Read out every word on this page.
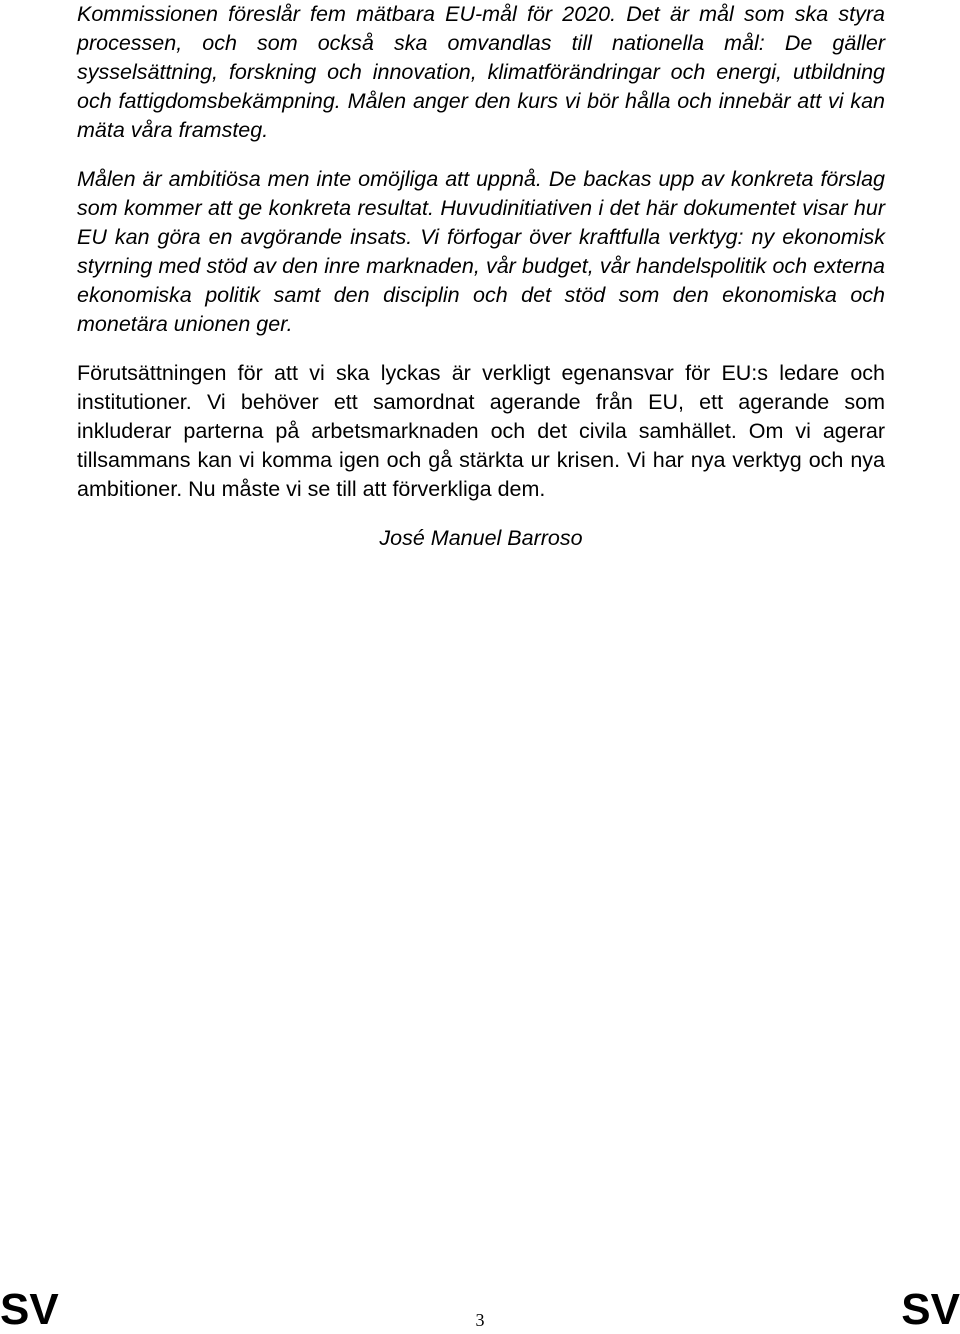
Kommissionen föreslår fem mätbara EU-mål för 2020. Det är mål som ska styra processen, och som också ska omvandlas till nationella mål: De gäller sysselsättning, forskning och innovation, klimatförändringar och energi, utbildning och fattigdomsbekämpning. Målen anger den kurs vi bör hålla och innebär att vi kan mäta våra framsteg.

Målen är ambitiösa men inte omöjliga att uppnå. De backas upp av konkreta förslag som kommer att ge konkreta resultat. Huvudinitiativen i det här dokumentet visar hur EU kan göra en avgörande insats. Vi förfogar över kraftfulla verktyg: ny ekonomisk styrning med stöd av den inre marknaden, vår budget, vår handelspolitik och externa ekonomiska politik samt den disciplin och det stöd som den ekonomiska och monetära unionen ger.

Förutsättningen för att vi ska lyckas är verkligt egenansvar för EU:s ledare och institutioner. Vi behöver ett samordnat agerande från EU, ett agerande som inkluderar parterna på arbetsmarknaden och det civila samhället. Om vi agerar tillsammans kan vi komma igen och gå stärkta ur krisen. Vi har nya verktyg och nya ambitioner. Nu måste vi se till att förverkliga dem.

José Manuel Barroso
SV	3	SV
